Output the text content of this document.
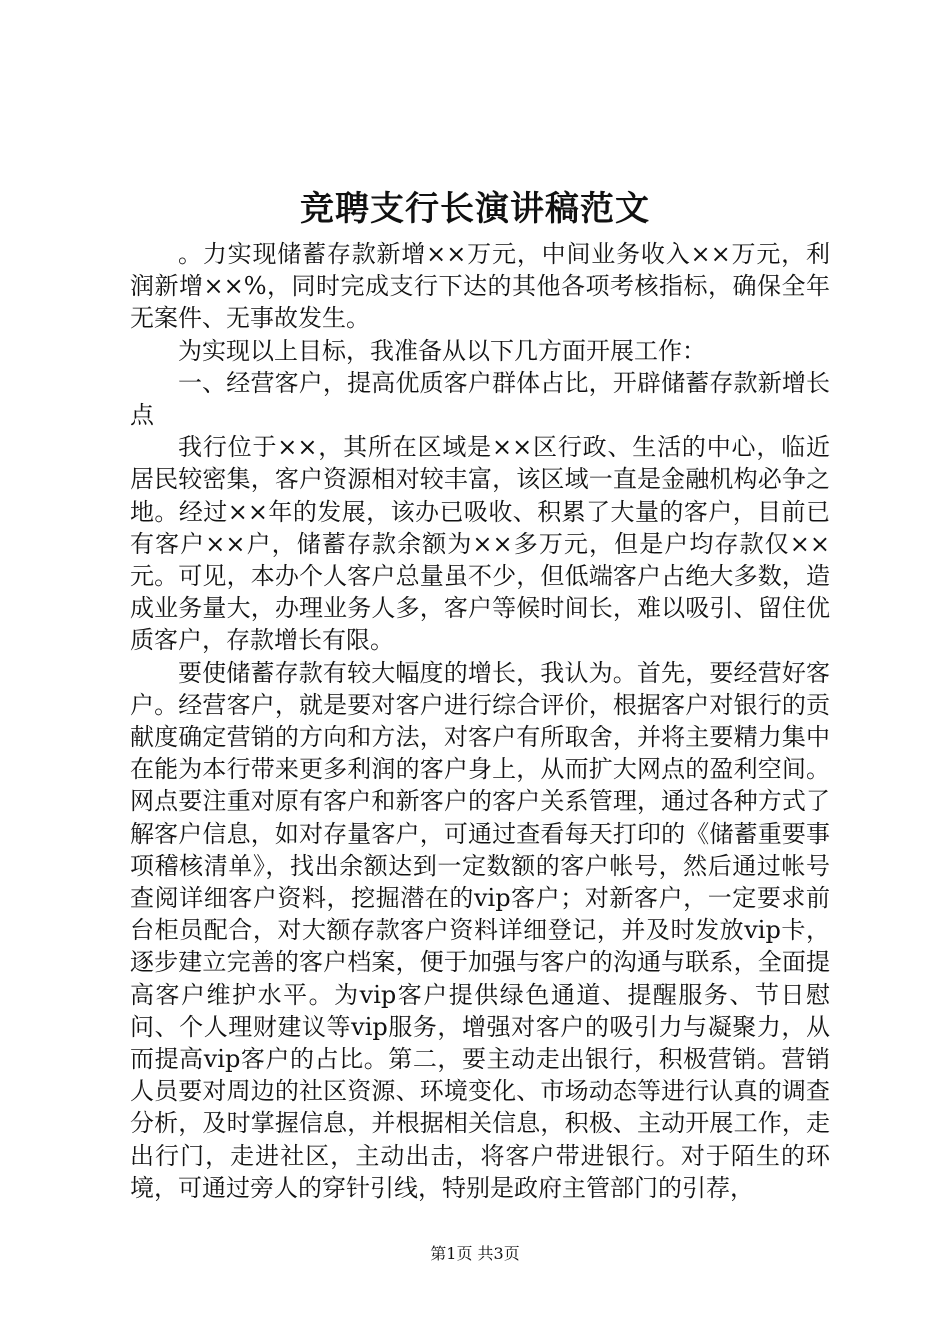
竞聘支行长演讲稿范文

。力实现储蓄存款新增××万元，中间业务收入××万元，利润新增××%，同时完成支行下达的其他各项考核指标，确保全年无案件、无事故发生。

为实现以上目标，我准备从以下几方面开展工作：

一、经营客户，提高优质客户群体占比，开辟储蓄存款新增长点

我行位于××，其所在区域是××区行政、生活的中心，临近居民较密集，客户资源相对较丰富，该区域一直是金融机构必争之地。经过××年的发展，该办已吸收、积累了大量的客户，目前已有客户××户，储蓄存款余额为××多万元，但是户均存款仅××元。可见，本办个人客户总量虽不少，但低端客户占绝大多数，造成业务量大，办理业务人多，客户等候时间长，难以吸引、留住优质客户，存款增长有限。

要使储蓄存款有较大幅度的增长，我认为。首先，要经营好客户。经营客户，就是要对客户进行综合评价，根据客户对银行的贡献度确定营销的方向和方法，对客户有所取舍，并将主要精力集中在能为本行带来更多利润的客户身上，从而扩大网点的盈利空间。网点要注重对原有客户和新客户的客户关系管理，通过各种方式了解客户信息，如对存量客户，可通过查看每天打印的《储蓄重要事项稽核清单》，找出余额达到一定数额的客户帐号，然后通过帐号查阅详细客户资料，挖掘潜在的vip客户；对新客户，一定要求前台柜员配合，对大额存款客户资料详细登记，并及时发放vip卡，逐步建立完善的客户档案，便于加强与客户的沟通与联系，全面提高客户维护水平。为vip客户提供绿色通道、提醒服务、节日慰问、个人理财建议等vip服务，增强对客户的吸引力与凝聚力，从而提高vip客户的占比。第二，要主动走出银行，积极营销。营销人员要对周边的社区资源、环境变化、市场动态等进行认真的调查分析，及时掌握信息，并根据相关信息，积极、主动开展工作，走出行门，走进社区，主动出击，将客户带进银行。对于陌生的环境，可通过旁人的穿针引线，特别是政府主管部门的引荐，

第1页 共3页
